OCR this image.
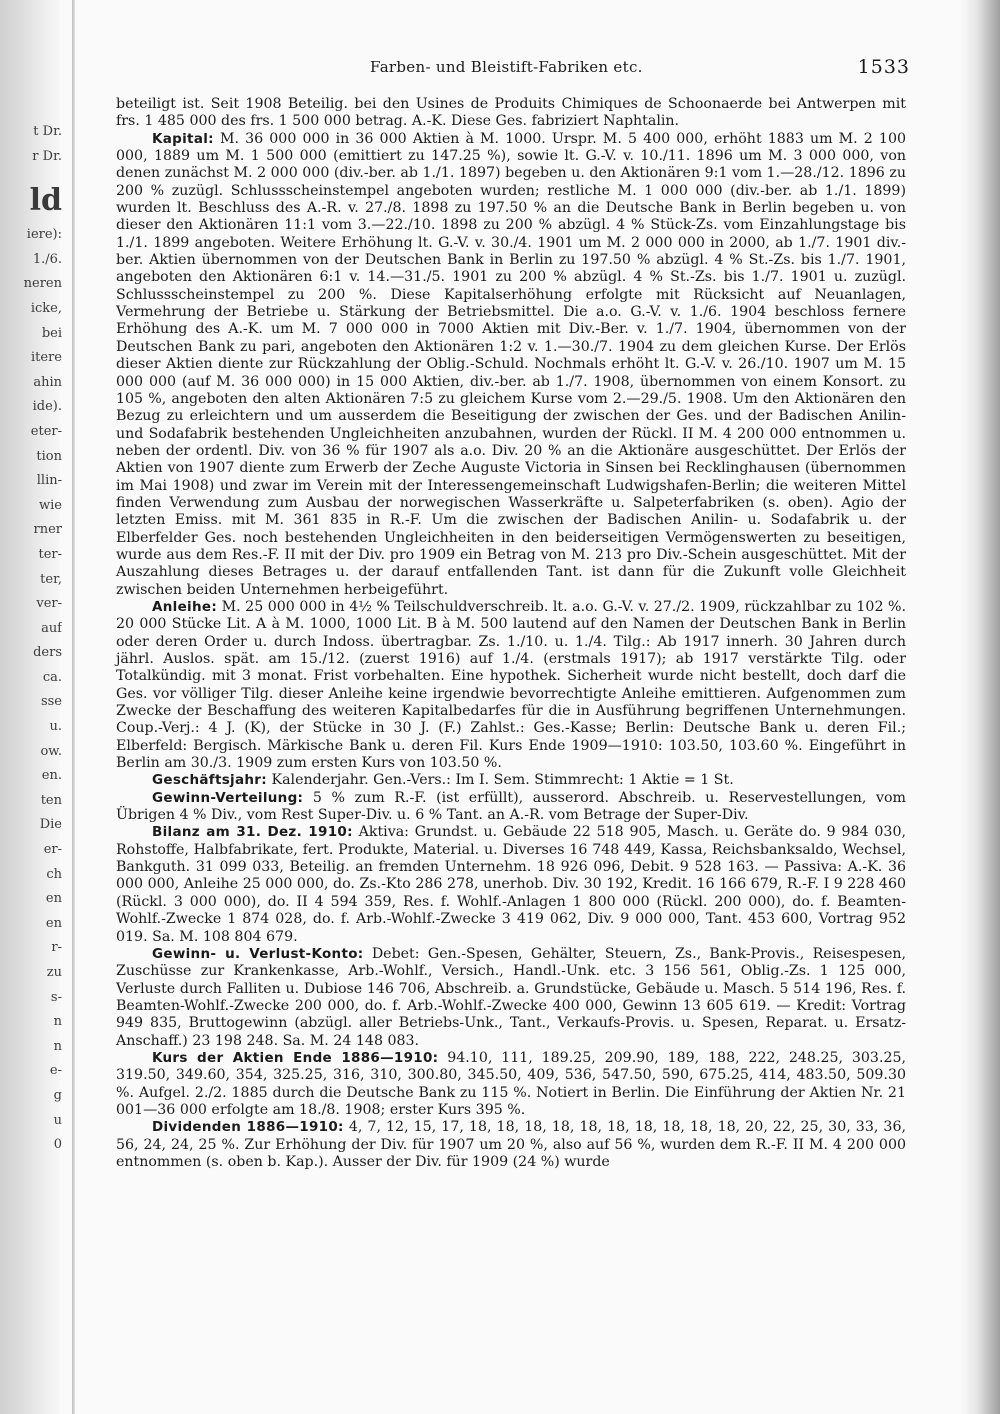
t Dr.
r Dr.
ld
iere):
1./6.
neren
icke,
bei
itere
ahin
ide).
eter-
tion
llin-
wie
rner
ter-
ter,
ver-
auf
ders
ca.
sse
u.
ow.
en.
ten
Die
er-
ch
en
en
r-
zu
s-
n
n
e-
g
u
0
Farben- und Bleistift-Fabriken etc.	1533

beteiligt ist. Seit 1908 Beteilig. bei den Usines de Produits Chimiques de Schoonaerde bei Antwerpen mit frs. 1 485 000 des frs. 1 500 000 betrag. A.-K. Diese Ges. fabriziert Naphtalin.

Kapital: M. 36 000 000 in 36 000 Aktien à M. 1000. Urspr. M. 5 400 000, erhöht 1883 um M. 2 100 000, 1889 um M. 1 500 000 (emittiert zu 147.25 %), sowie lt. G.-V. v. 10./11. 1896 um M. 3 000 000, von denen zunächst M. 2 000 000 (div.-ber. ab 1./1. 1897) begeben u. den Aktionären 9:1 vom 1.—28./12. 1896 zu 200 % zuzügl. Schlussscheinstempel angeboten wurden; restliche M. 1 000 000 (div.-ber. ab 1./1. 1899) wurden lt. Beschluss des A.-R. v. 27./8. 1898 zu 197.50 % an die Deutsche Bank in Berlin begeben u. von dieser den Aktionären 11:1 vom 3.—22./10. 1898 zu 200 % abzügl. 4 % Stück-Zs. vom Einzahlungstage bis 1./1. 1899 angeboten. Weitere Erhöhung lt. G.-V. v. 30./4. 1901 um M. 2 000 000 in 2000, ab 1./7. 1901 div.-ber. Aktien übernommen von der Deutschen Bank in Berlin zu 197.50 % abzügl. 4 % St.-Zs. bis 1./7. 1901, angeboten den Aktionären 6:1 v. 14.—31./5. 1901 zu 200 % abzügl. 4 % St.-Zs. bis 1./7. 1901 u. zuzügl. Schlussscheinstempel zu 200 %. Diese Kapitalserhöhung erfolgte mit Rücksicht auf Neuanlagen, Vermehrung der Betriebe u. Stärkung der Betriebsmittel. Die a.o. G.-V. v. 1./6. 1904 beschloss fernere Erhöhung des A.-K. um M. 7 000 000 in 7000 Aktien mit Div.-Ber. v. 1./7. 1904, übernommen von der Deutschen Bank zu pari, angeboten den Aktionären 1:2 v. 1.—30./7. 1904 zu dem gleichen Kurse. Der Erlös dieser Aktien diente zur Rückzahlung der Oblig.-Schuld. Nochmals erhöht lt. G.-V. v. 26./10. 1907 um M. 15 000 000 (auf M. 36 000 000) in 15 000 Aktien, div.-ber. ab 1./7. 1908, übernommen von einem Konsort. zu 105 %, angeboten den alten Aktionären 7:5 zu gleichem Kurse vom 2.—29./5. 1908. Um den Aktionären den Bezug zu erleichtern und um ausserdem die Beseitigung der zwischen der Ges. und der Badischen Anilin- und Sodafabrik bestehenden Ungleichheiten anzubahnen, wurden der Rückl. II M. 4 200 000 entnommen u. neben der ordentl. Div. von 36 % für 1907 als a.o. Div. 20 % an die Aktionäre ausgeschüttet. Der Erlös der Aktien von 1907 diente zum Erwerb der Zeche Auguste Victoria in Sinsen bei Recklinghausen (übernommen im Mai 1908) und zwar im Verein mit der Interessengemeinschaft Ludwigshafen-Berlin; die weiteren Mittel finden Verwendung zum Ausbau der norwegischen Wasserkräfte u. Salpeterfabriken (s. oben). Agio der letzten Emiss. mit M. 361 835 in R.-F. Um die zwischen der Badischen Anilin- u. Sodafabrik u. der Elberfelder Ges. noch bestehenden Ungleichheiten in den beiderseitigen Vermögenswerten zu beseitigen, wurde aus dem Res.-F. II mit der Div. pro 1909 ein Betrag von M. 213 pro Div.-Schein ausgeschüttet. Mit der Auszahlung dieses Betrages u. der darauf entfallenden Tant. ist dann für die Zukunft volle Gleichheit zwischen beiden Unternehmen herbeigeführt.

Anleihe: M. 25 000 000 in 4½ % Teilschuldverschreib. lt. a.o. G.-V. v. 27./2. 1909, rückzahlbar zu 102 %. 20 000 Stücke Lit. A à M. 1000, 1000 Lit. B à M. 500 lautend auf den Namen der Deutschen Bank in Berlin oder deren Order u. durch Indoss. übertragbar. Zs. 1./10. u. 1./4. Tilg.: Ab 1917 innerh. 30 Jahren durch jährl. Auslos. spät. am 15./12. (zuerst 1916) auf 1./4. (erstmals 1917); ab 1917 verstärkte Tilg. oder Totalkündig. mit 3 monat. Frist vorbehalten. Eine hypothek. Sicherheit wurde nicht bestellt, doch darf die Ges. vor völliger Tilg. dieser Anleihe keine irgendwie bevorrechtigte Anleihe emittieren. Aufgenommen zum Zwecke der Beschaffung des weiteren Kapitalbedarfes für die in Ausführung begriffenen Unternehmungen. Coup.-Verj.: 4 J. (K), der Stücke in 30 J. (F.) Zahlst.: Ges.-Kasse; Berlin: Deutsche Bank u. deren Fil.; Elberfeld: Bergisch. Märkische Bank u. deren Fil. Kurs Ende 1909—1910: 103.50, 103.60 %. Eingeführt in Berlin am 30./3. 1909 zum ersten Kurs von 103.50 %.

Geschäftsjahr: Kalenderjahr. Gen.-Vers.: Im I. Sem. Stimmrecht: 1 Aktie = 1 St.

Gewinn-Verteilung: 5 % zum R.-F. (ist erfüllt), ausserord. Abschreib. u. Reservestellungen, vom Übrigen 4 % Div., vom Rest Super-Div. u. 6 % Tant. an A.-R. vom Betrage der Super-Div.

Bilanz am 31. Dez. 1910: Aktiva: Grundst. u. Gebäude 22 518 905, Masch. u. Geräte do. 9 984 030, Rohstoffe, Halbfabrikate, fert. Produkte, Material. u. Diverses 16 748 449, Kassa, Reichsbanksaldo, Wechsel, Bankguth. 31 099 033, Beteilig. an fremden Unternehm. 18 926 096, Debit. 9 528 163. — Passiva: A.-K. 36 000 000, Anleihe 25 000 000, do. Zs.-Kto 286 278, unerhob. Div. 30 192, Kredit. 16 166 679, R.-F. I 9 228 460 (Rückl. 3 000 000), do. II 4 594 359, Res. f. Wohlf.-Anlagen 1 800 000 (Rückl. 200 000), do. f. Beamten-Wohlf.-Zwecke 1 874 028, do. f. Arb.-Wohlf.-Zwecke 3 419 062, Div. 9 000 000, Tant. 453 600, Vortrag 952 019. Sa. M. 108 804 679.

Gewinn- u. Verlust-Konto: Debet: Gen.-Spesen, Gehälter, Steuern, Zs., Bank-Provis., Reisespesen, Zuschüsse zur Krankenkasse, Arb.-Wohlf., Versich., Handl.-Unk. etc. 3 156 561, Oblig.-Zs. 1 125 000, Verluste durch Falliten u. Dubiose 146 706, Abschreib. a. Grundstücke, Gebäude u. Masch. 5 514 196, Res. f. Beamten-Wohlf.-Zwecke 200 000, do. f. Arb.-Wohlf.-Zwecke 400 000, Gewinn 13 605 619. — Kredit: Vortrag 949 835, Bruttogewinn (abzügl. aller Betriebs-Unk., Tant., Verkaufs-Provis. u. Spesen, Reparat. u. Ersatz-Anschaff.) 23 198 248. Sa. M. 24 148 083.

Kurs der Aktien Ende 1886—1910: 94.10, 111, 189.25, 209.90, 189, 188, 222, 248.25, 303.25, 319.50, 349.60, 354, 325.25, 316, 310, 300.80, 345.50, 409, 536, 547.50, 590, 675.25, 414, 483.50, 509.30 %. Aufgel. 2./2. 1885 durch die Deutsche Bank zu 115 %. Notiert in Berlin. Die Einführung der Aktien Nr. 21 001—36 000 erfolgte am 18./8. 1908; erster Kurs 395 %.

Dividenden 1886—1910: 4, 7, 12, 15, 17, 18, 18, 18, 18, 18, 18, 18, 18, 18, 18, 20, 22, 25, 30, 33, 36, 56, 24, 24, 25 %. Zur Erhöhung der Div. für 1907 um 20 %, also auf 56 %, wurden dem R.-F. II M. 4 200 000 entnommen (s. oben b. Kap.). Ausser der Div. für 1909 (24 %) wurde
